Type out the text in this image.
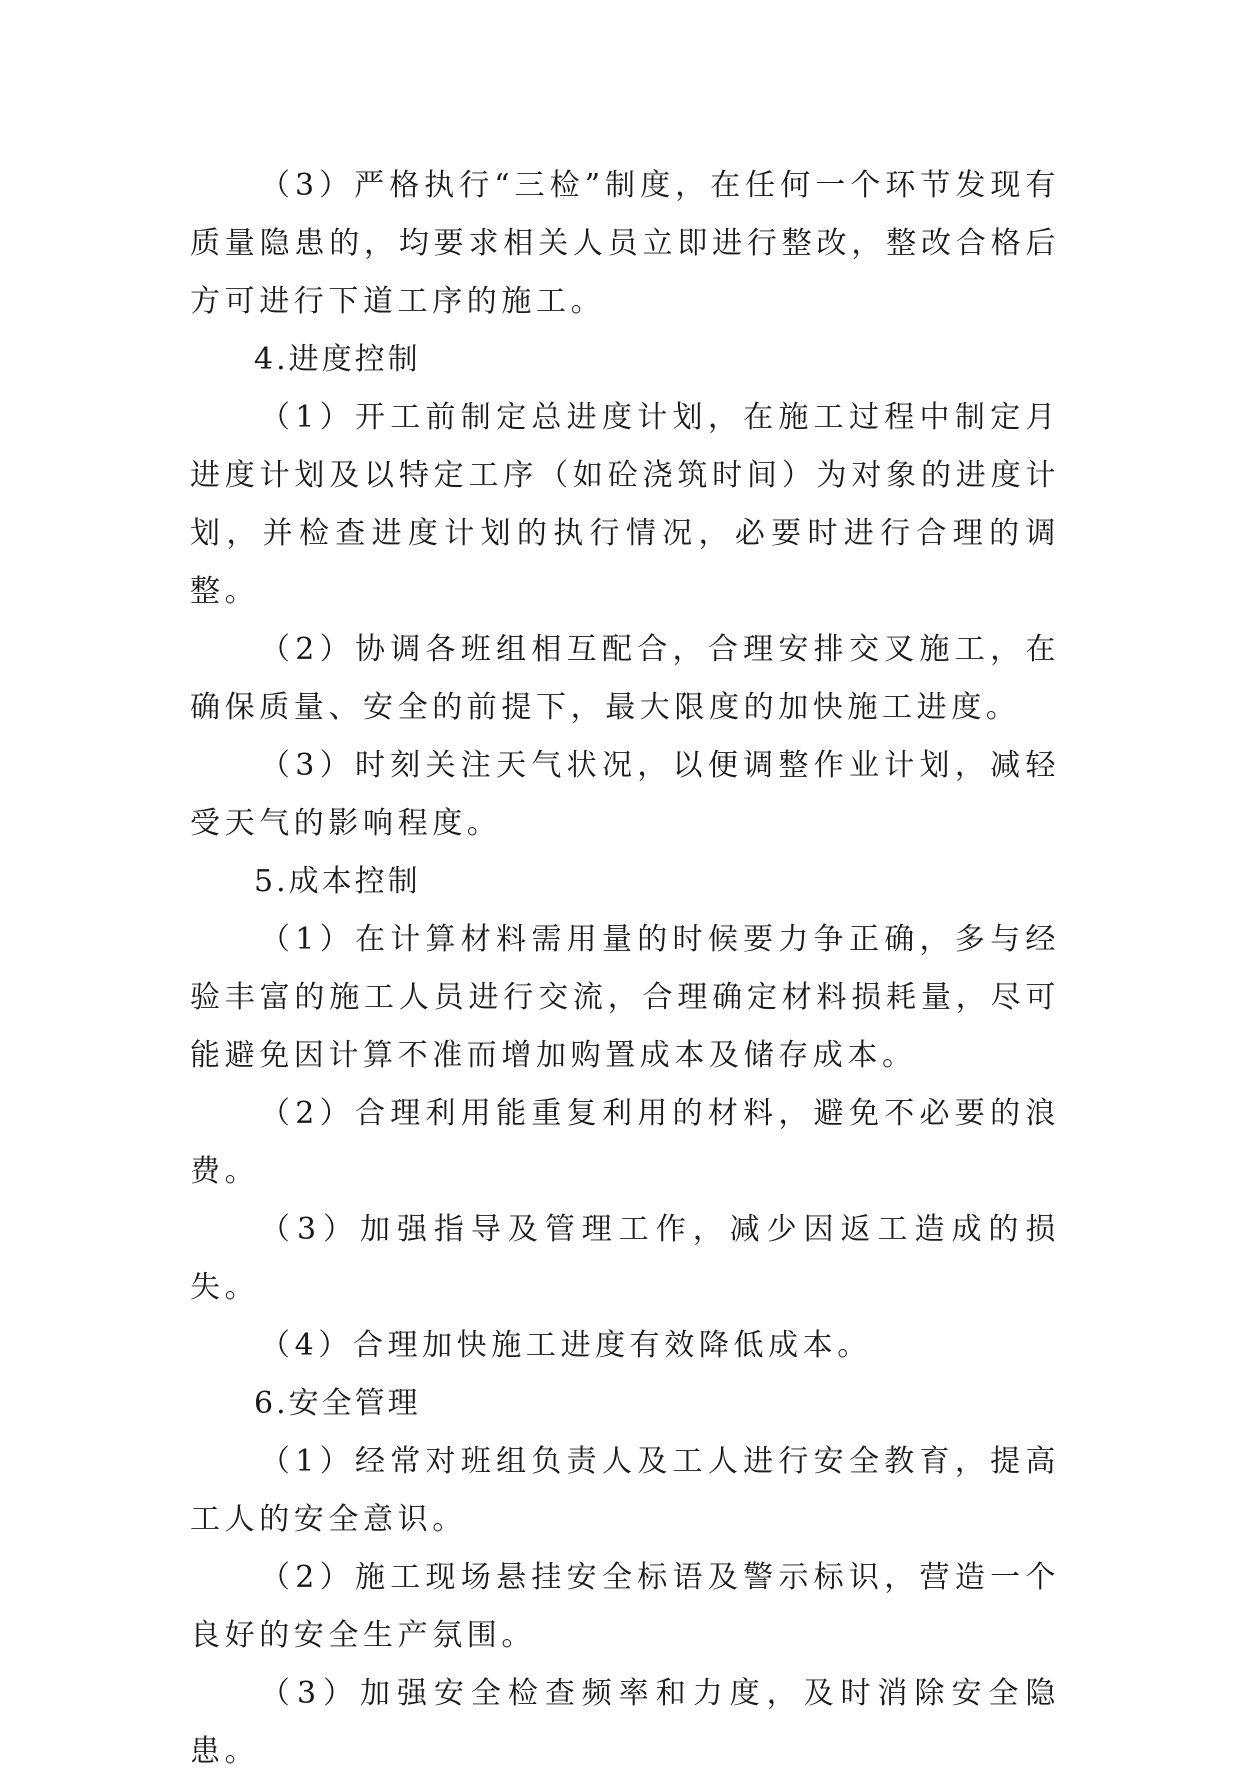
（3）严格执行“三检”制度，在任何一个环节发现有质量隐患的，均要求相关人员立即进行整改，整改合格后方可进行下道工序的施工。

4.进度控制

（1）开工前制定总进度计划，在施工过程中制定月进度计划及以特定工序（如砼浇筑时间）为对象的进度计划，并检查进度计划的执行情况，必要时进行合理的调整。

（2）协调各班组相互配合，合理安排交叉施工，在确保质量、安全的前提下，最大限度的加快施工进度。

（3）时刻关注天气状况，以便调整作业计划，减轻受天气的影响程度。

5.成本控制

（1）在计算材料需用量的时候要力争正确，多与经验丰富的施工人员进行交流，合理确定材料损耗量，尽可能避免因计算不准而增加购置成本及储存成本。

（2）合理利用能重复利用的材料，避免不必要的浪费。

（3）加强指导及管理工作，减少因返工造成的损失。

（4）合理加快施工进度有效降低成本。

6.安全管理

（1）经常对班组负责人及工人进行安全教育，提高工人的安全意识。

（2）施工现场悬挂安全标语及警示标识，营造一个良好的安全生产氛围。

（3）加强安全检查频率和力度，及时消除安全隐患。
